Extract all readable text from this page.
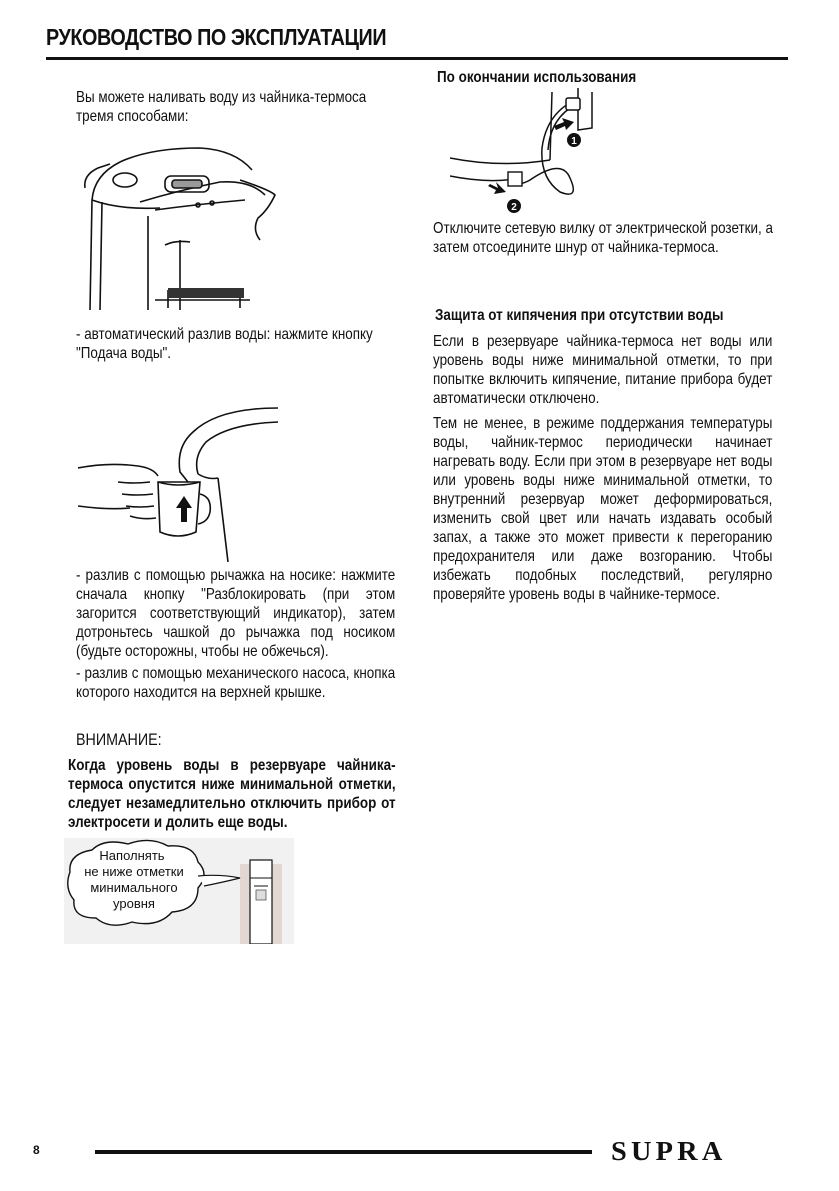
РУКОВОДСТВО ПО ЭКСПЛУАТАЦИИ
Вы можете наливать воду из чайника-термоса тремя способами:
- автоматический разлив воды: нажмите кнопку "Подача воды".
- разлив с помощью рычажка на носике: нажмите сначала кнопку "Разблокировать (при этом загорится соответствующий индикатор), затем дотроньтесь чашкой до рычажка под носиком (будьте осторожны, чтобы не обжечься).
- разлив с помощью механического насоса, кнопка которого находится на верхней крышке.
ВНИМАНИЕ:
Когда уровень воды в резервуаре чайника-термоса опустится ниже минимальной отметки, следует незамедлительно отключить прибор от электросети и долить еще воды.
Наполнять
не ниже отметки
минимального
уровня
По окончании использования
1
2
Отключите сетевую вилку от электрической розетки, а затем отсоедините шнур от чайника-термоса.
Защита от кипячения при отсутствии воды
Если в резервуаре чайника-термоса нет воды или уровень воды ниже минимальной отметки, то при попытке включить кипячение, питание прибора будет автоматически отключено.
Тем не менее, в режиме поддержания температуры воды, чайник-термос периодически начинает нагревать воду. Если при этом в резервуаре нет воды или уровень воды ниже минимальной отметки, то внутренний резервуар может деформироваться, изменить свой цвет или начать издавать особый запах, а также это может привести к перегоранию предохранителя или даже возгоранию. Чтобы избежать подобных последствий, регулярно проверяйте уровень воды в чайнике-термосе.
8	SUPRA
